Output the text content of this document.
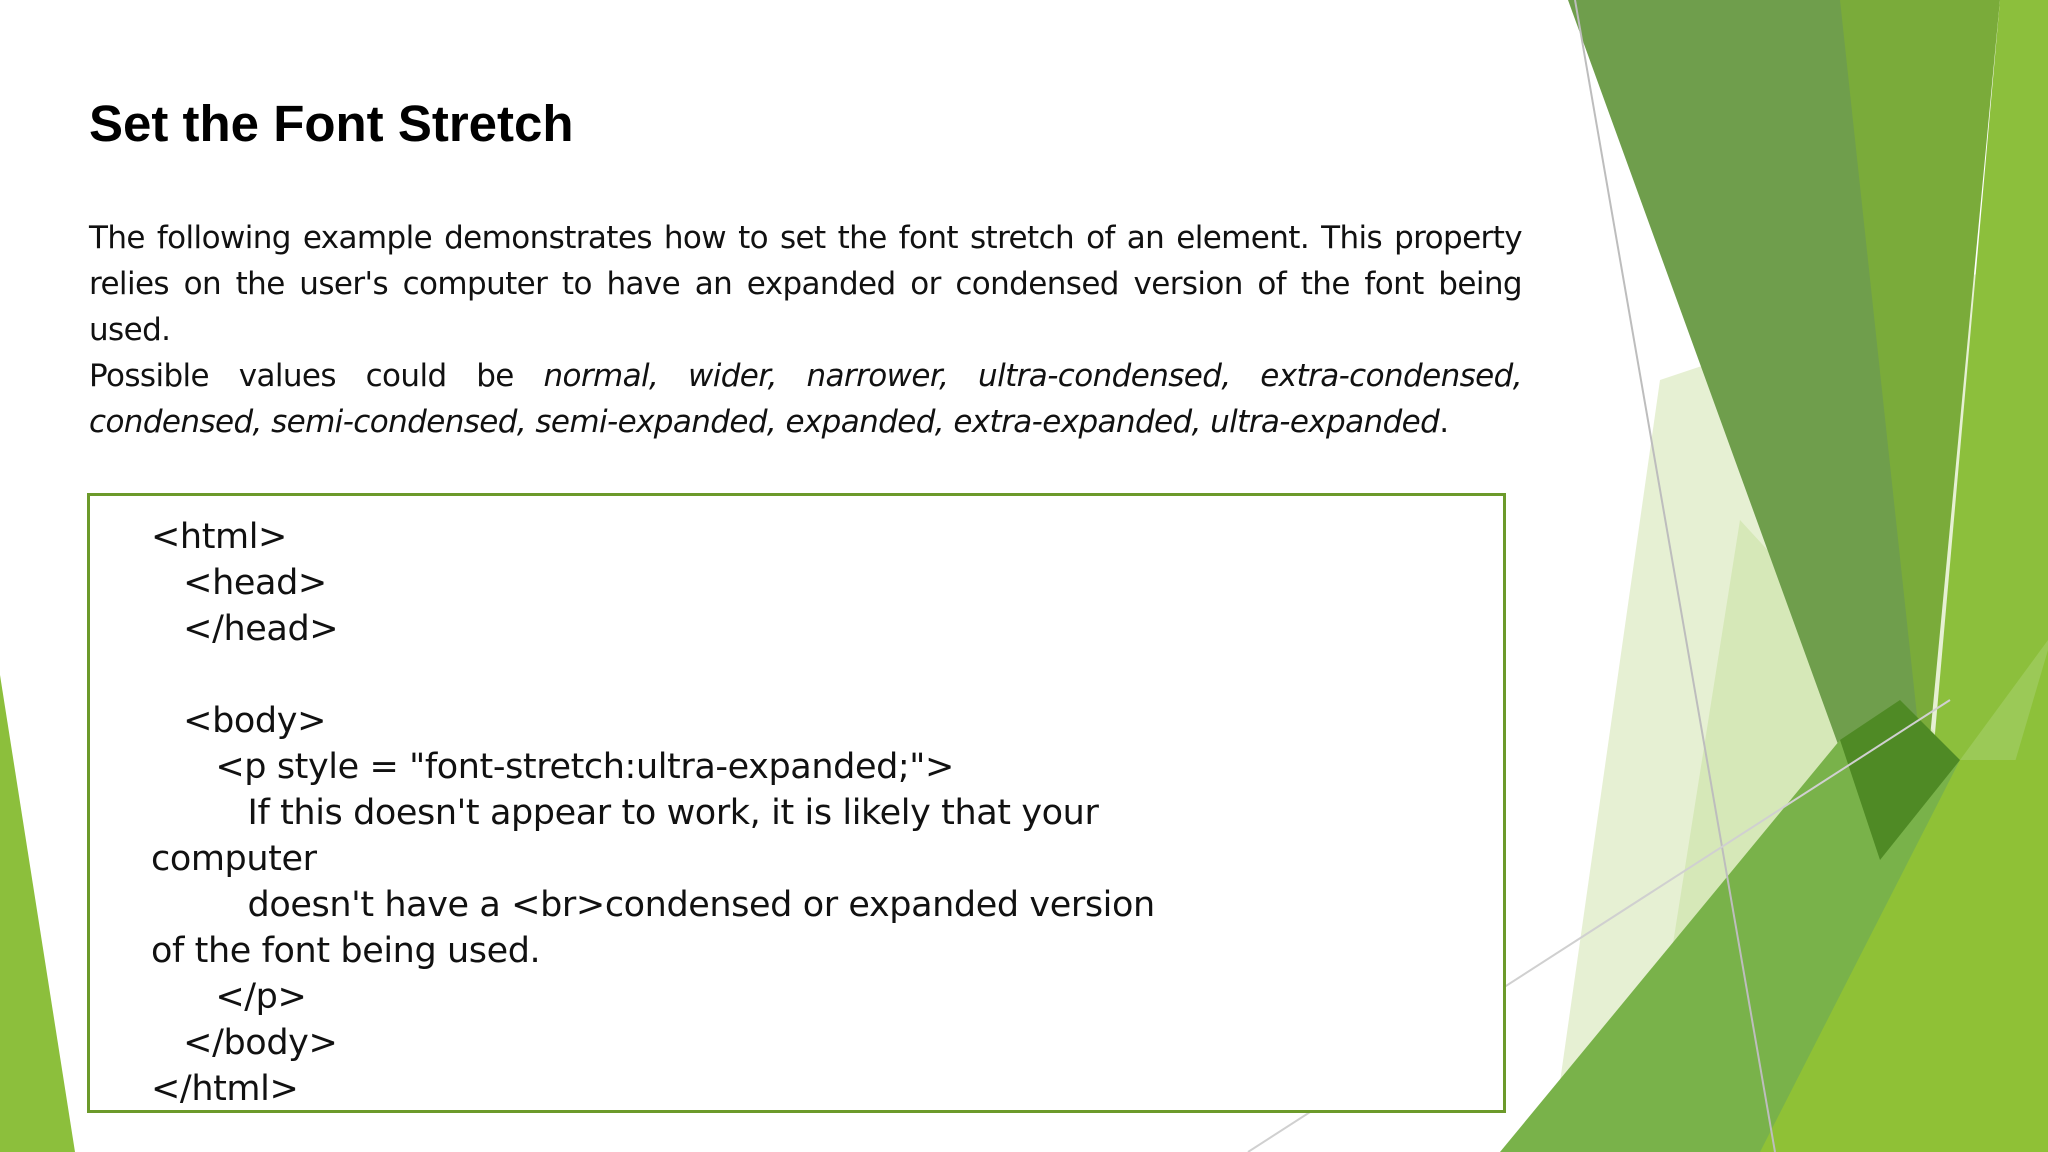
Set the Font Stretch

The following example demonstrates how to set the font stretch of an element. This property relies on the user's computer to have an expanded or condensed version of the font being used.

Possible values could be normal, wider, narrower, ultra-condensed, extra-condensed, condensed, semi-condensed, semi-expanded, expanded, extra-expanded, ultra-expanded.

<html>
<head>
</head>
<body>
<p style = "font-stretch:ultra-expanded;">
If this doesn't appear to work, it is likely that your
computer
doesn't have a <br>condensed or expanded version
of the font being used.
</p>
</body>
</html>
